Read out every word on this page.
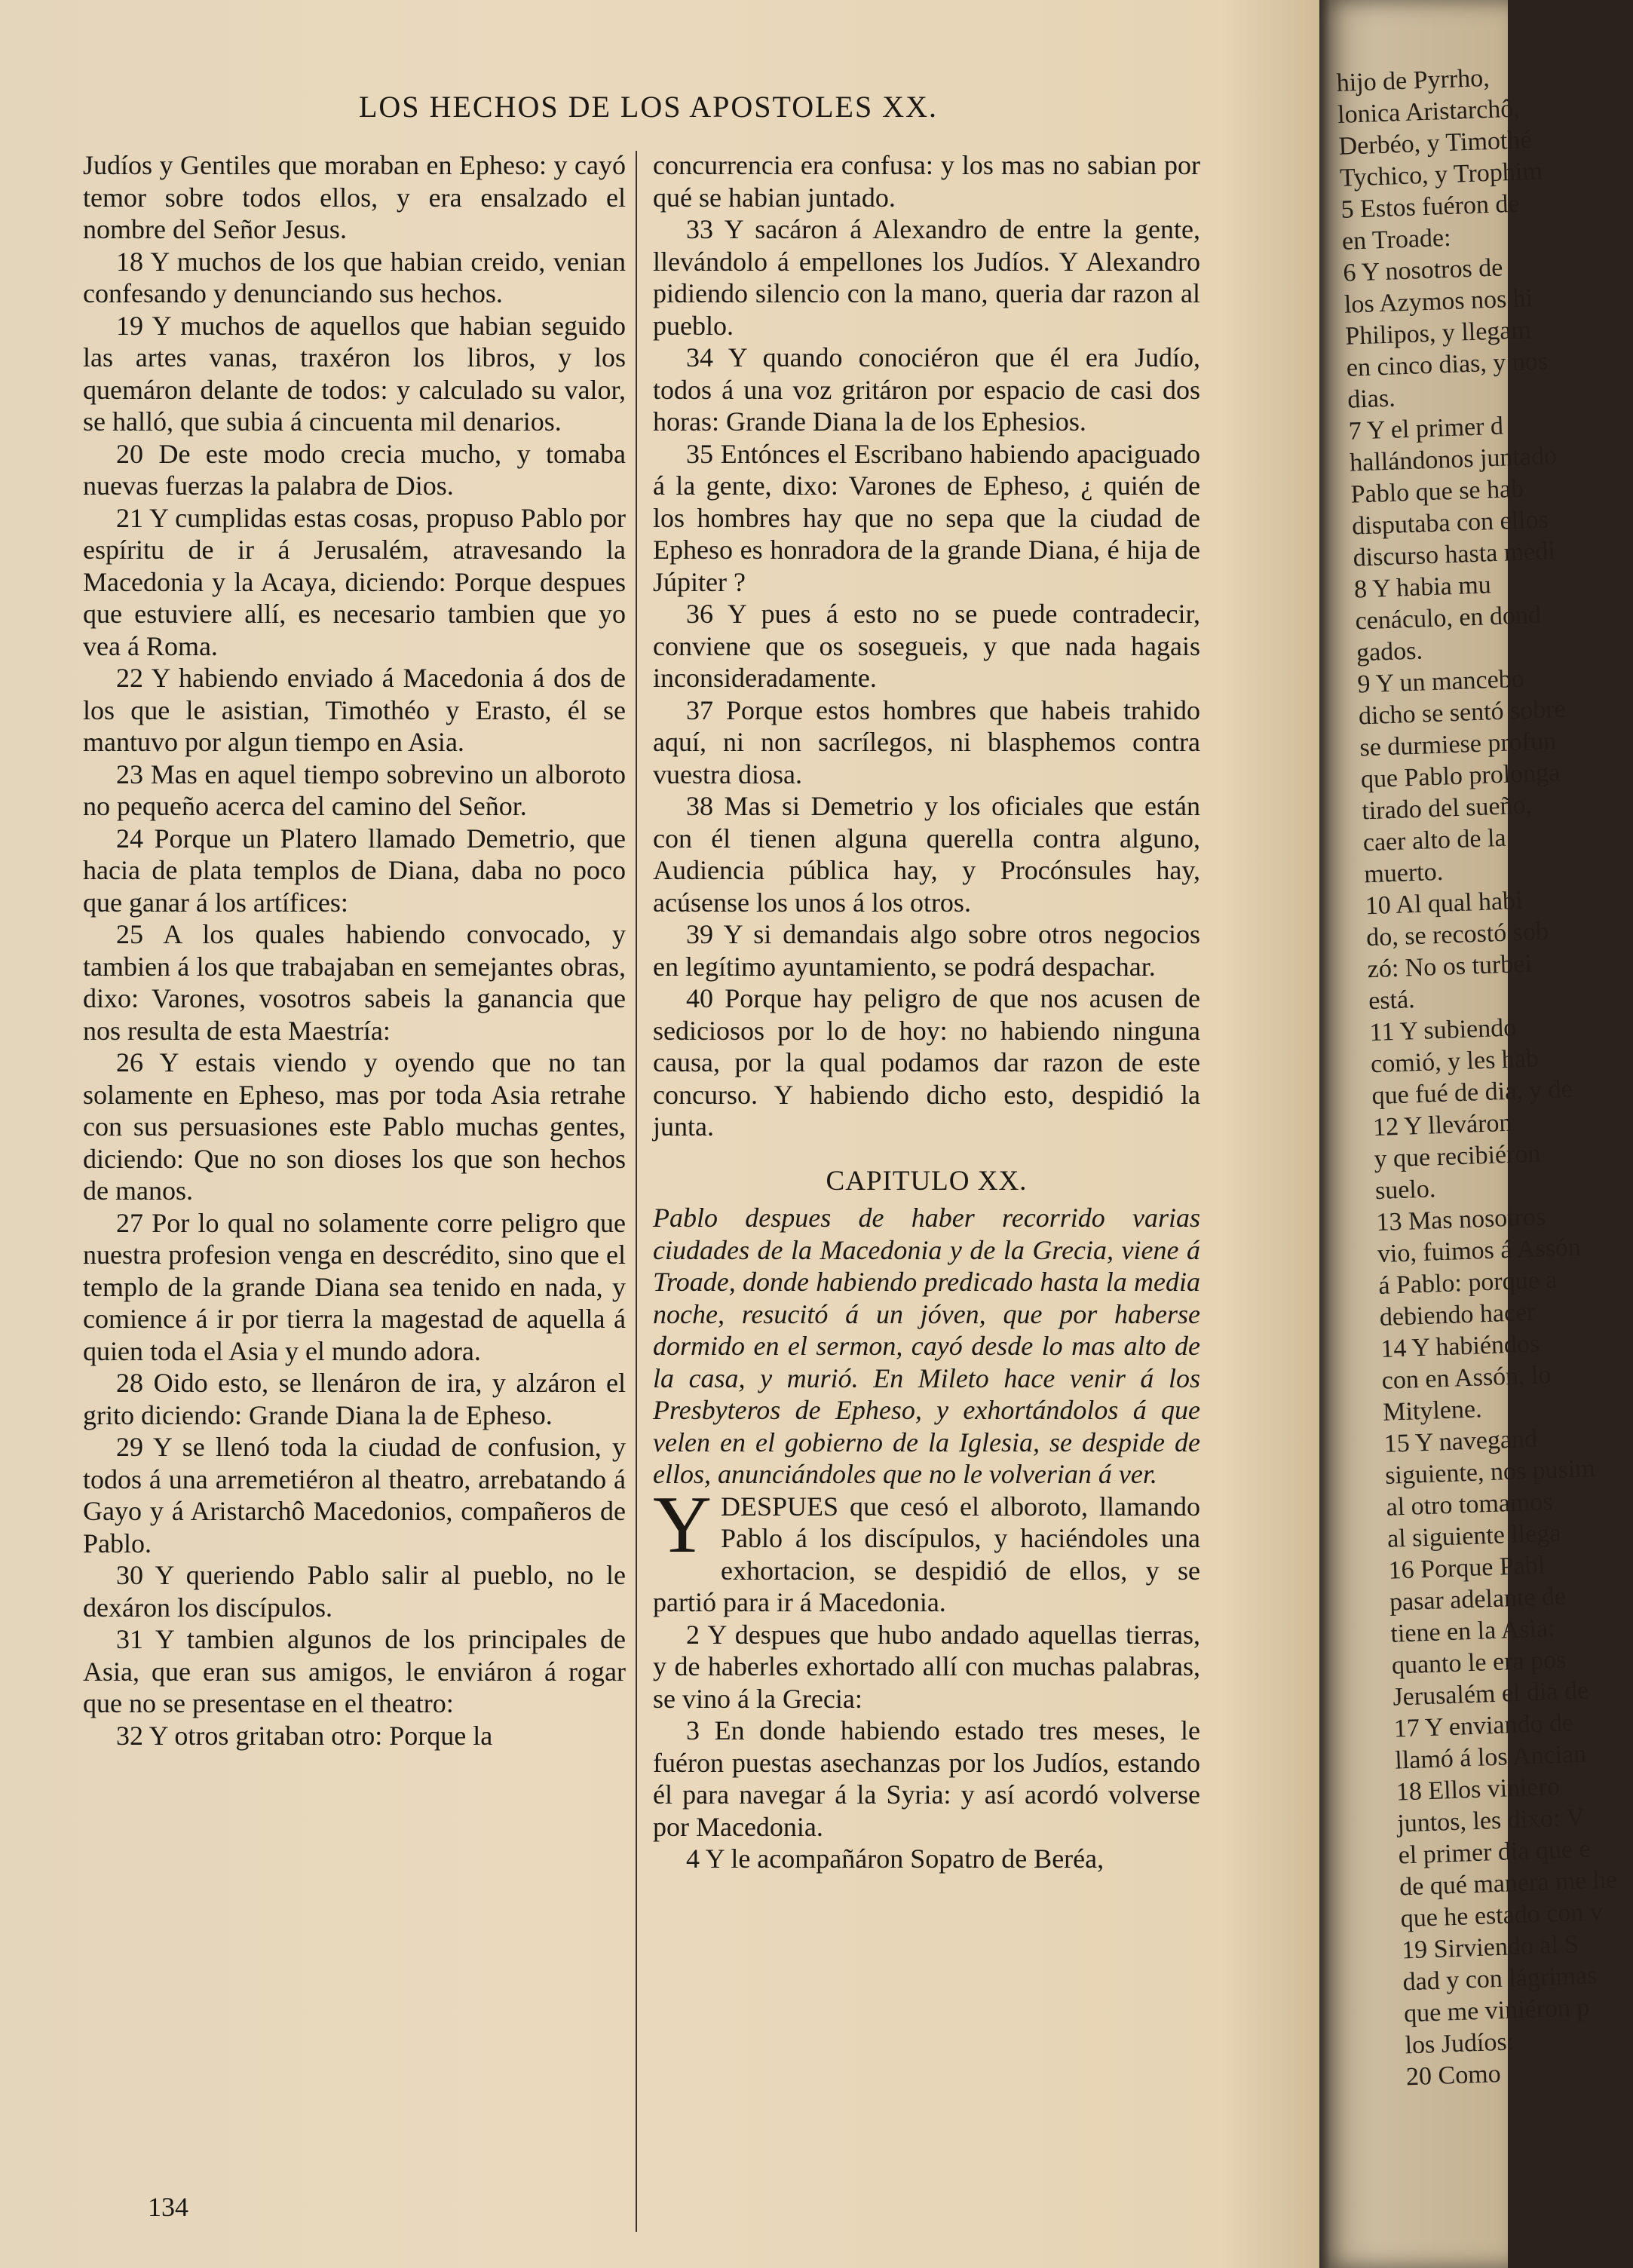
LOS HECHOS DE LOS APOSTOLES XX.

Judíos y Gentiles que moraban en Epheso: y cayó temor sobre todos ellos, y era ensalzado el nombre del Señor Jesus.

18 Y muchos de los que habian creido, venian confesando y denunciando sus hechos.

19 Y muchos de aquellos que habian seguido las artes vanas, traxéron los libros, y los quemáron delante de todos: y calculado su valor, se halló, que subia á cincuenta mil denarios.

20 De este modo crecia mucho, y tomaba nuevas fuerzas la palabra de Dios.

21 Y cumplidas estas cosas, propuso Pablo por espíritu de ir á Jerusalém, atravesando la Macedonia y la Acaya, diciendo: Porque despues que estuviere allí, es necesario tambien que yo vea á Roma.

22 Y habiendo enviado á Macedonia á dos de los que le asistian, Timothéo y Erasto, él se mantuvo por algun tiempo en Asia.

23 Mas en aquel tiempo sobrevino un alboroto no pequeño acerca del camino del Señor.

24 Porque un Platero llamado Demetrio, que hacia de plata templos de Diana, daba no poco que ganar á los artífices:

25 A los quales habiendo convocado, y tambien á los que trabajaban en semejantes obras, dixo: Varones, vosotros sabeis la ganancia que nos resulta de esta Maestría:

26 Y estais viendo y oyendo que no tan solamente en Epheso, mas por toda Asia retrahe con sus persuasiones este Pablo muchas gentes, diciendo: Que no son dioses los que son hechos de manos.

27 Por lo qual no solamente corre peligro que nuestra profesion venga en descrédito, sino que el templo de la grande Diana sea tenido en nada, y comience á ir por tierra la magestad de aquella á quien toda el Asia y el mundo adora.

28 Oido esto, se llenáron de ira, y alzáron el grito diciendo: Grande Diana la de Epheso.

29 Y se llenó toda la ciudad de confusion, y todos á una arremetiéron al theatro, arrebatando á Gayo y á Aristarchô Macedonios, compañeros de Pablo.

30 Y queriendo Pablo salir al pueblo, no le dexáron los discípulos.

31 Y tambien algunos de los principales de Asia, que eran sus amigos, le enviáron á rogar que no se presentase en el theatro:

32 Y otros gritaban otro: Porque la

concurrencia era confusa: y los mas no sabian por qué se habian juntado.

33 Y sacáron á Alexandro de entre la gente, llevándolo á empellones los Judíos. Y Alexandro pidiendo silencio con la mano, queria dar razon al pueblo.

34 Y quando conociéron que él era Judío, todos á una voz gritáron por espacio de casi dos horas: Grande Diana la de los Ephesios.

35 Entónces el Escribano habiendo apaciguado á la gente, dixo: Varones de Epheso, ¿ quién de los hombres hay que no sepa que la ciudad de Epheso es honradora de la grande Diana, é hija de Júpiter ?

36 Y pues á esto no se puede contradecir, conviene que os sosegueis, y que nada hagais inconsideradamente.

37 Porque estos hombres que habeis trahido aquí, ni non sacrílegos, ni blasphemos contra vuestra diosa.

38 Mas si Demetrio y los oficiales que están con él tienen alguna querella contra alguno, Audiencia pública hay, y Procónsules hay, acúsense los unos á los otros.

39 Y si demandais algo sobre otros negocios en legítimo ayuntamiento, se podrá despachar.

40 Porque hay peligro de que nos acusen de sediciosos por lo de hoy: no habiendo ninguna causa, por la qual podamos dar razon de este concurso. Y habiendo dicho esto, despidió la junta.

CAPITULO XX.

Pablo despues de haber recorrido varias ciudades de la Macedonia y de la Grecia, viene á Troade, donde habiendo predicado hasta la media noche, resucitó á un jóven, que por haberse dormido en el sermon, cayó desde lo mas alto de la casa, y murió. En Mileto hace venir á los Presbyteros de Epheso, y exhortándolos á que velen en el gobierno de la Iglesia, se despide de ellos, anunciándoles que no le volverian á ver.

YDESPUES que cesó el alboroto, llamando Pablo á los discípulos, y haciéndoles una exhortacion, se despidió de ellos, y se partió para ir á Macedonia.

2 Y despues que hubo andado aquellas tierras, y de haberles exhortado allí con muchas palabras, se vino á la Grecia:

3 En donde habiendo estado tres meses, le fuéron puestas asechanzas por los Judíos, estando él para navegar á la Syria: y así acordó volverse por Macedonia.

4 Y le acompañáron Sopatro de Beréa,

134
hijo de Pyrrho,
lonica Aristarchô,
Derbéo, y Timothé
Tychico, y Trophim
5 Estos fuéron de
en Troade:
6 Y nosotros de
los Azymos nos hi
Philipos, y llegam
en cinco dias, y nos
dias.
7 Y el primer d
hallándonos juntado
Pablo que se hab
disputaba con ellos
discurso hasta medi
8 Y habia mu
cenáculo, en dond
gados.
9 Y un mancebo
dicho se sentó sobre
se durmiese profun
que Pablo prolonga
tirado del sueño,
caer alto de la
muerto.
10 Al qual habi
do, se recostó sob
zó: No os turbei
está.
11 Y subiendo
comió, y les hab
que fué de dia, y de
12 Y lleváron
y que recibiéron
suelo.
13 Mas nosotros
vio, fuimos á Assón
á Pablo: porque a
debiendo hacer
14 Y habiéndos
con en Assón, lo
Mitylene.
15 Y navegand
siguiente, nos pusim
al otro tomamos
al siguiente llega
16 Porque Pabl
pasar adelante de
tiene en la Asia:
quanto le era pos
Jerusalém el dia de
17 Y enviando de
llamó á los Ancian
18 Ellos viniero
juntos, les dixo: V
el primer dia que e
de qué manera me he
que he estado con v
19 Sirviendo al S
dad y con lágrimas
que me viniéron p
los Judíos:
20 Como
